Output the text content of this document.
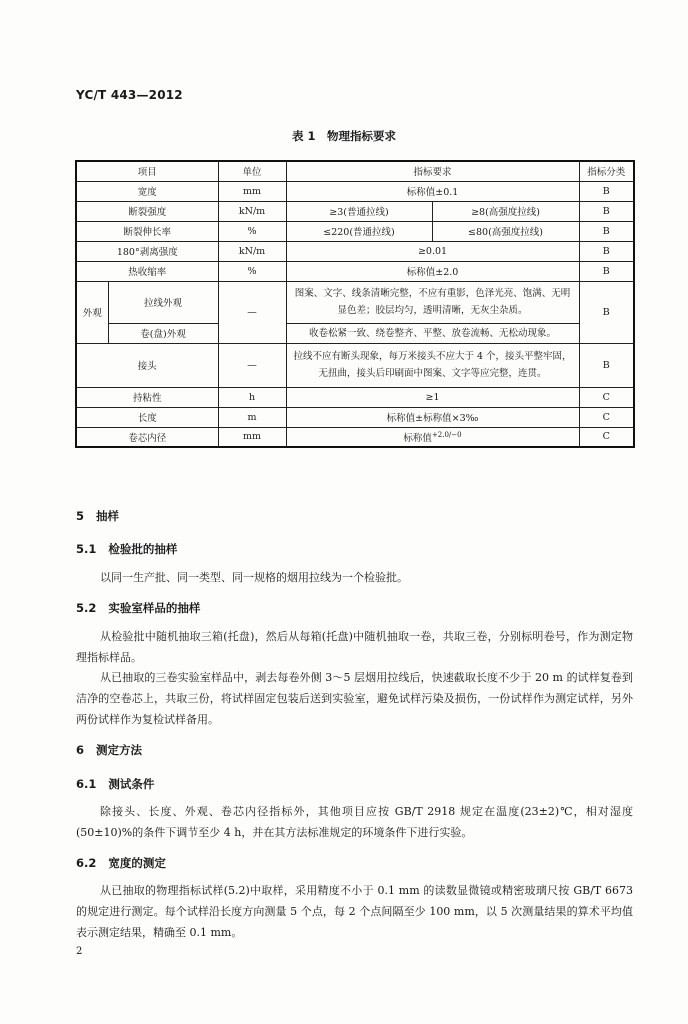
YC/T 443—2012
表 1　物理指标要求
项目		单位	指标要求		指标分类
宽度		mm	标称值±0.1		B
断裂强度		kN/m	≥3(普通拉线)	≥8(高强度拉线)	B
断裂伸长率		%	≤220(普通拉线)	≤80(高强度拉线)	B
180°剥离强度		kN/m	≥0.01		B
热收缩率		%	标称值±2.0		B
外观	拉线外观	—	图案、文字、线条清晰完整，不应有重影，色泽光亮、饱满、无明显色差；胶层均匀，透明清晰，无灰尘杂质。		B
	卷(盘)外观		收卷松紧一致、绕卷整齐、平整、放卷流畅、无松动现象。		
接头		—	拉线不应有断头现象，每万米接头不应大于 4 个，接头平整牢固，无扭曲，接头后印刷面中图案、文字等应完整，连贯。		B
持粘性		h	≥1		C
长度		m	标称值±标称值×3‰		C
卷芯内径		mm	标称值$^{+2.0/-0}$		C
5 抽样
5.1 检验批的抽样

以同一生产批、同一类型、同一规格的烟用拉线为一个检验批。

5.2 实验室样品的抽样

从检验批中随机抽取三箱(托盘)，然后从每箱(托盘)中随机抽取一卷，共取三卷，分别标明卷号，作为测定物理指标样品。

从已抽取的三卷实验室样品中，剥去每卷外侧 3～5 层烟用拉线后，快速截取长度不少于 20 m 的试样复卷到洁净的空卷芯上，共取三份，将试样固定包装后送到实验室，避免试样污染及损伤，一份试样作为测定试样，另外两份试样作为复检试样备用。

6 测定方法
6.1 测试条件

除接头、长度、外观、卷芯内径指标外，其他项目应按 GB/T 2918 规定在温度(23±2)℃，相对湿度(50±10)%的条件下调节至少 4 h，并在其方法标准规定的环境条件下进行实验。

6.2 宽度的测定

从已抽取的物理指标试样(5.2)中取样，采用精度不小于 0.1 mm 的读数显微镜或精密玻璃尺按 GB/T 6673 的规定进行测定。每个试样沿长度方向测量 5 个点，每 2 个点间隔至少 100 mm，以 5 次测量结果的算术平均值表示测定结果，精确至 0.1 mm。

2
